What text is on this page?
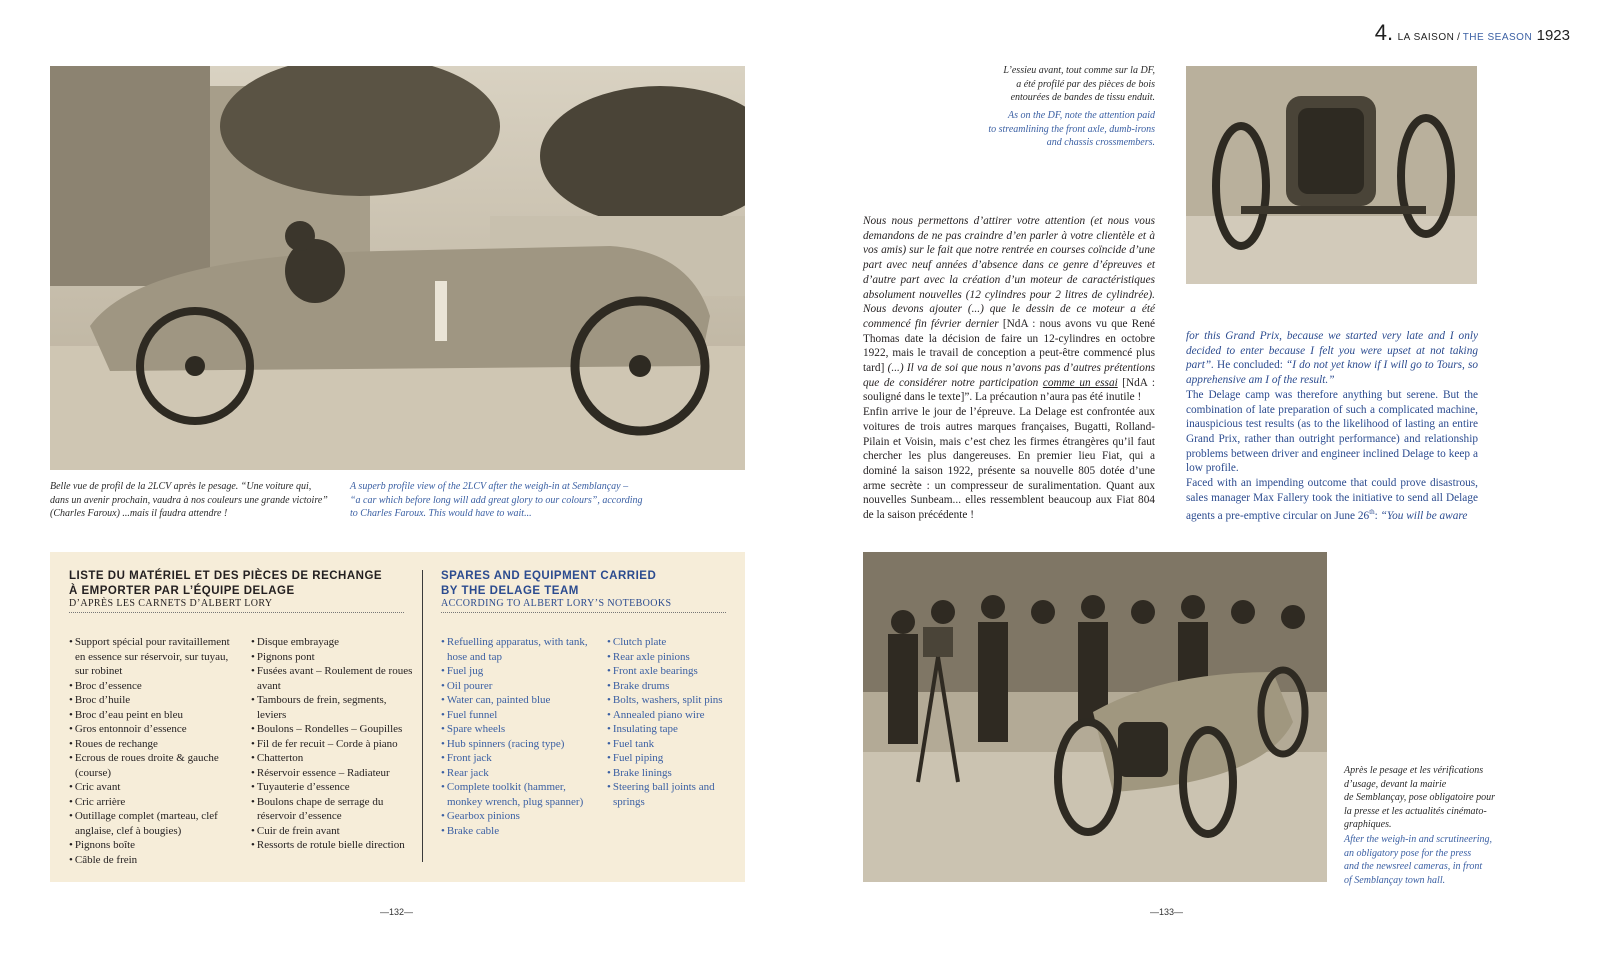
4. LA SAISON / THE SEASON 1923
Belle vue de profil de la 2LCV après le pesage. “Une voiture qui,
dans un avenir prochain, vaudra à nos couleurs une grande victoire”
(Charles Faroux) ...mais il faudra attendre !
A superb profile view of the 2LCV after the weigh-in at Semblançay –
“a car which before long will add great glory to our colours”, according
to Charles Faroux. This would have to wait...
LISTE DU MATÉRIEL ET DES PIÈCES DE RECHANGE
À EMPORTER PAR L’ÉQUIPE DELAGE
D’APRÈS LES CARNETS D’ALBERT LORY
SPARES AND EQUIPMENT CARRIED
BY THE DELAGE TEAM
ACCORDING TO ALBERT LORY’S NOTEBOOKS
• Support spécial pour ravitaillement en essence sur réservoir, sur tuyau, sur robinet
• Broc d’essence
• Broc d’huile
• Broc d’eau peint en bleu
• Gros entonnoir d’essence
• Roues de rechange
• Ecrous de roues droite & gauche (course)
• Cric avant
• Cric arrière
• Outillage complet (marteau, clef anglaise, clef à bougies)
• Pignons boîte
• Câble de frein
• Disque embrayage
• Pignons pont
• Fusées avant – Roulement de roues avant
• Tambours de frein, segments, leviers
• Boulons – Rondelles – Goupilles
• Fil de fer recuit – Corde à piano
• Chatterton
• Réservoir essence – Radiateur
• Tuyauterie d’essence
• Boulons chape de serrage du réservoir d’essence
• Cuir de frein avant
• Ressorts de rotule bielle direction
• Refuelling apparatus, with tank, hose and tap
• Fuel jug
• Oil pourer
• Water can, painted blue
• Fuel funnel
• Spare wheels
• Hub spinners (racing type)
• Front jack
• Rear jack
• Complete toolkit (hammer, monkey wrench, plug spanner)
• Gearbox pinions
• Brake cable
• Clutch plate
• Rear axle pinions
• Front axle bearings
• Brake drums
• Bolts, washers, split pins
• Annealed piano wire
• Insulating tape
• Fuel tank
• Fuel piping
• Brake linings
• Steering ball joints and springs
—132—
L’essieu avant, tout comme sur la DF,
a été profilé par des pièces de bois
entourées de bandes de tissu enduit.
As on the DF, note the attention paid
to streamlining the front axle, dumb-irons
and chassis crossmembers.

Nous nous permettons d’attirer votre attention (et nous vous demandons de ne pas craindre d’en parler à votre clientèle et à vos amis) sur le fait que notre rentrée en courses coïncide d’une part avec neuf années d’absence dans ce genre d’épreuves et d’autre part avec la création d’un moteur de caractéristiques absolument nouvelles (12 cylindres pour 2 litres de cylindrée). Nous devons ajouter (...) que le dessin de ce moteur a été commencé fin février dernier [NdA : nous avons vu que René Thomas date la décision de faire un 12-cylindres en octobre 1922, mais le travail de conception a peut-être commencé plus tard] (...) Il va de soi que nous n’avons pas d’autres prétentions que de considérer notre participation comme un essai [NdA : souligné dans le texte]”. La précaution n’aura pas été inutile !

Enfin arrive le jour de l’épreuve. La Delage est confrontée aux voitures de trois autres marques françaises, Bugatti, Rolland-Pilain et Voisin, mais c’est chez les firmes étrangères qu’il faut chercher les plus dangereuses. En premier lieu Fiat, qui a dominé la saison 1922, présente sa nouvelle 805 dotée d’une arme secrète : un compresseur de suralimentation. Quant aux nouvelles Sunbeam... elles ressemblent beaucoup aux Fiat 804 de la saison précédente !

for this Grand Prix, because we started very late and I only decided to enter because I felt you were upset at not taking part”. He concluded: “I do not yet know if I will go to Tours, so apprehensive am I of the result.”

The Delage camp was therefore anything but serene. But the combination of late preparation of such a complicated machine, inauspicious test results (as to the likelihood of lasting an entire Grand Prix, rather than outright performance) and relationship problems between driver and engineer inclined Delage to keep a low profile.

Faced with an impending outcome that could prove disastrous, sales manager Max Fallery took the initiative to send all Delage agents a pre-emptive circular on June 26th: “You will be aware

Après le pesage et les vérifications
d’usage, devant la mairie
de Semblançay, pose obligatoire pour
la presse et les actualités cinémato-
graphiques.
After the weigh-in and scrutineering,
an obligatory pose for the press
and the newsreel cameras, in front
of Semblançay town hall.
—133—
